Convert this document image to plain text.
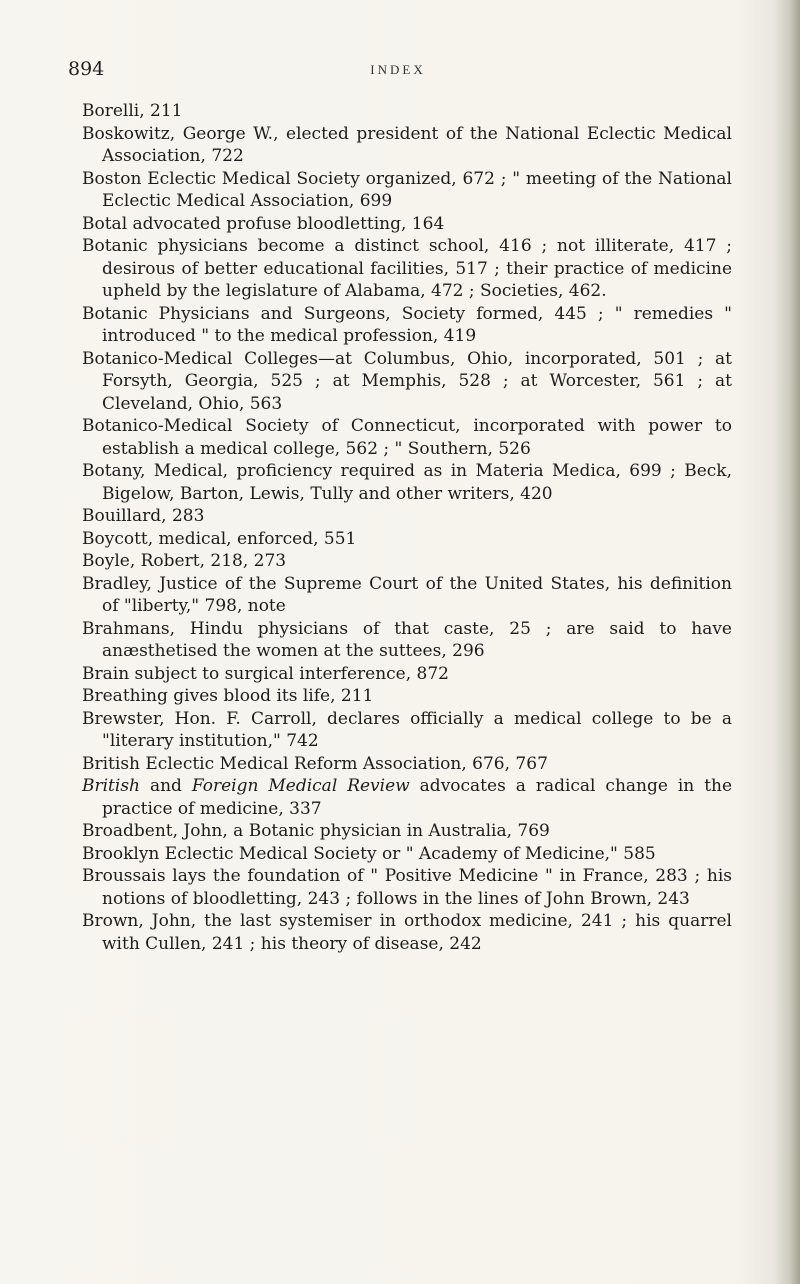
894	INDEX

Borelli, 211

Boskowitz, George W., elected president of the National Eclectic Medical Association, 722

Boston Eclectic Medical Society organized, 672 ; " meeting of the National Eclectic Medical Association, 699

Botal advocated profuse bloodletting, 164

Botanic physicians become a distinct school, 416 ; not illiterate, 417 ; desirous of better educational facilities, 517 ; their practice of medicine upheld by the legislature of Alabama, 472 ; Societies, 462.

Botanic Physicians and Surgeons, Society formed, 445 ; " remedies " introduced " to the medical profession, 419

Botanico-Medical Colleges—at Columbus, Ohio, incorporated, 501 ; at Forsyth, Georgia, 525 ; at Memphis, 528 ; at Worcester, 561 ; at Cleveland, Ohio, 563

Botanico-Medical Society of Connecticut, incorporated with power to establish a medical college, 562 ; " Southern, 526

Botany, Medical, proficiency required as in Materia Medica, 699 ; Beck, Bigelow, Barton, Lewis, Tully and other writers, 420

Bouillard, 283

Boycott, medical, enforced, 551

Boyle, Robert, 218, 273

Bradley, Justice of the Supreme Court of the United States, his definition of "liberty," 798, note

Brahmans, Hindu physicians of that caste, 25 ; are said to have anæsthetised the women at the suttees, 296

Brain subject to surgical interference, 872

Breathing gives blood its life, 211

Brewster, Hon. F. Carroll, declares officially a medical college to be a "literary institution," 742

British Eclectic Medical Reform Association, 676, 767

British and Foreign Medical Review advocates a radical change in the practice of medicine, 337

Broadbent, John, a Botanic physician in Australia, 769

Brooklyn Eclectic Medical Society or " Academy of Medicine," 585

Broussais lays the foundation of " Positive Medicine " in France, 283 ; his notions of bloodletting, 243 ; follows in the lines of John Brown, 243

Brown, John, the last systemiser in orthodox medicine, 241 ; his quarrel with Cullen, 241 ; his theory of disease, 242
